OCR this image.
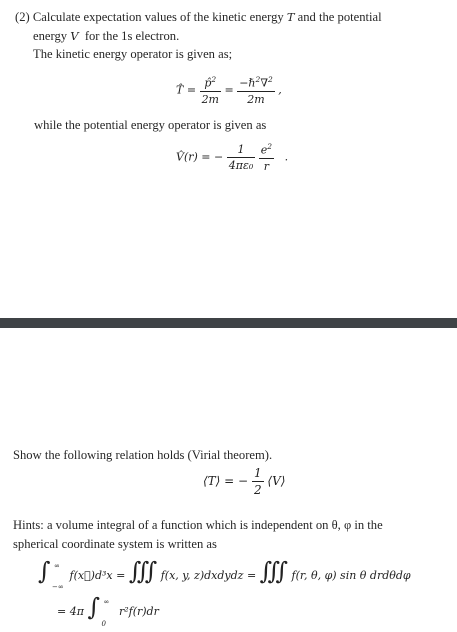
(2) Calculate expectation values of the kinetic energy T and the potential
energy V for the 1s electron.
The kinetic energy operator is given as;
T̂ = $\frac{p̂^2}{2m} = \frac{-\hbar^2\nabla^2}{2m}$ ,
while the potential energy operator is given as
V̂(r) = − $\frac{1}{\text{4πε₀}}$
$\frac{e^2}{r}$ .
Show the following relation holds (Virial theorem).
⟨T⟩ = − $\frac{1}{2}$ ⟨V⟩
Hints: a volume integral of a function which is independent on θ, φ in the
spherical coordinate system is written as
∫ ∞
−∞
f(x⃗)d³x = ∭ f(x, y, z)dxdydz = ∭ f(r, θ, φ) sin θ drdθdφ
= 4π ∫ ∞
0
r²f(r)dr
